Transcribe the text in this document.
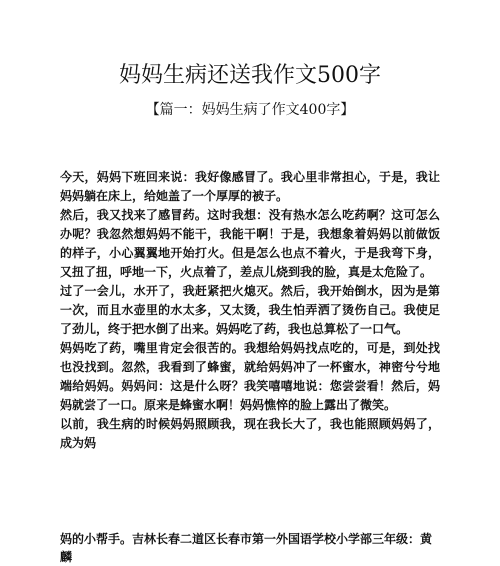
妈妈生病还送我作文500字
【篇一：妈妈生病了作文400字】

今天，妈妈下班回来说：我好像感冒了。我心里非常担心，于是，我让妈妈躺在床上，给她盖了一个厚厚的被子。

然后，我又找来了感冒药。这时我想：没有热水怎么吃药啊？这可怎么办呢？我忽然想妈妈不能干，我能干啊！于是，我想象着妈妈以前做饭的样子，小心翼翼地开始打火。但是怎么也点不着火，于是我弯下身，又扭了扭，呼地一下，火点着了，差点儿烧到我的脸，真是太危险了。

过了一会儿，水开了，我赶紧把火熄灭。然后，我开始倒水，因为是第一次，而且水壶里的水太多，又太烫，我生怕弄洒了烫伤自己。我使足了劲儿，终于把水倒了出来。妈妈吃了药，我也总算松了一口气。

妈妈吃了药，嘴里肯定会很苦的。我想给妈妈找点吃的，可是，到处找也没找到。忽然，我看到了蜂蜜，就给妈妈冲了一杯蜜水，神密兮兮地端给妈妈。妈妈问：这是什么呀？我笑嘻嘻地说：您尝尝看！然后，妈妈就尝了一口。原来是蜂蜜水啊！妈妈憔悴的脸上露出了微笑。

以前，我生病的时候妈妈照顾我，现在我长大了，我也能照顾妈妈了，成为妈

妈的小帮手。吉林长春二道区长春市第一外国语学校小学部三年级：黄麟
